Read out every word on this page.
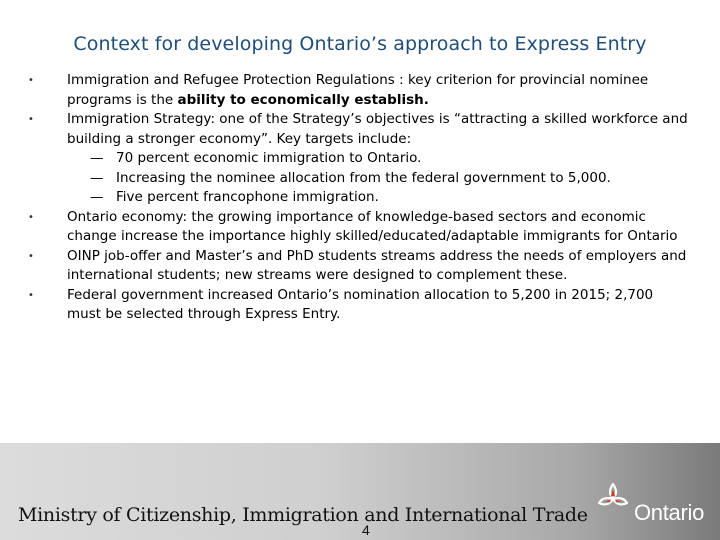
Context for developing Ontario’s approach to Express Entry
•	Immigration and Refugee Protection Regulations : key criterion for provincial nominee programs is the ability to economically establish.
•	Immigration Strategy: one of the Strategy’s objectives is “attracting a skilled workforce and building a stronger economy”. Key targets include:
— 70 percent economic immigration to Ontario.
— Increasing the nominee allocation from the federal government to 5,000.
— Five percent francophone immigration.
•	Ontario economy: the growing importance of knowledge-based sectors and economic change increase the importance highly skilled/educated/adaptable immigrants for Ontario
•	OINP job-offer and Master’s and PhD students streams address the needs of employers and international students; new streams were designed to complement these.
•	Federal government increased Ontario’s nomination allocation to 5,200 in 2015; 2,700 must be selected through Express Entry.
Ministry of Citizenship, Immigration and International Trade
4
Ontario
